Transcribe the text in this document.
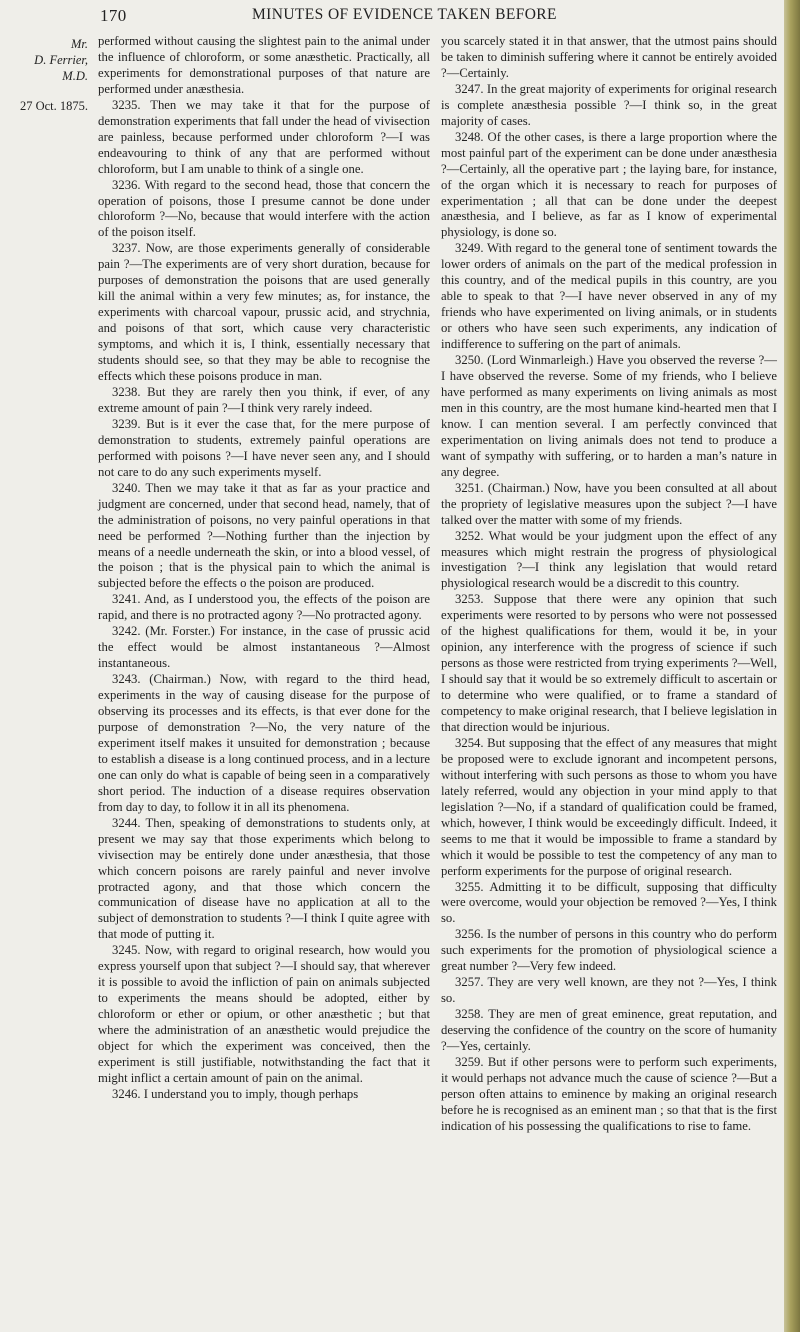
170	MINUTES OF EVIDENCE TAKEN BEFORE
Mr.
D. Ferrier,
M.D.
27 Oct. 1875.

performed without causing the slightest pain to the animal under the influence of chloroform, or some anæsthetic. Practically, all experiments for demonstrational purposes of that nature are performed under anæsthesia.

3235. Then we may take it that for the purpose of demonstration experiments that fall under the head of vivisection are painless, because performed under chloroform ?—I was endeavouring to think of any that are performed without chloroform, but I am unable to think of a single one.

3236. With regard to the second head, those that concern the operation of poisons, those I presume cannot be done under chloroform ?—No, because that would interfere with the action of the poison itself.

3237. Now, are those experiments generally of considerable pain ?—The experiments are of very short duration, because for purposes of demonstration the poisons that are used generally kill the animal within a very few minutes; as, for instance, the experiments with charcoal vapour, prussic acid, and strychnia, and poisons of that sort, which cause very characteristic symptoms, and which it is, I think, essentially necessary that students should see, so that they may be able to recognise the effects which these poisons produce in man.

3238. But they are rarely then you think, if ever, of any extreme amount of pain ?—I think very rarely indeed.

3239. But is it ever the case that, for the mere purpose of demonstration to students, extremely painful operations are performed with poisons ?—I have never seen any, and I should not care to do any such experiments myself.

3240. Then we may take it that as far as your practice and judgment are concerned, under that second head, namely, that of the administration of poisons, no very painful operations in that need be performed ?—Nothing further than the injection by means of a needle underneath the skin, or into a blood vessel, of the poison ; that is the physical pain to which the animal is subjected before the effects o the poison are produced.

3241. And, as I understood you, the effects of the poison are rapid, and there is no protracted agony ?—No protracted agony.

3242. (Mr. Forster.) For instance, in the case of prussic acid the effect would be almost instantaneous ?—Almost instantaneous.

3243. (Chairman.) Now, with regard to the third head, experiments in the way of causing disease for the purpose of observing its processes and its effects, is that ever done for the purpose of demonstration ?—No, the very nature of the experiment itself makes it unsuited for demonstration ; because to establish a disease is a long continued process, and in a lecture one can only do what is capable of being seen in a comparatively short period. The induction of a disease requires observation from day to day, to follow it in all its phenomena.

3244. Then, speaking of demonstrations to students only, at present we may say that those experiments which belong to vivisection may be entirely done under anæsthesia, that those which concern poisons are rarely painful and never involve protracted agony, and that those which concern the communication of disease have no application at all to the subject of demonstration to students ?—I think I quite agree with that mode of putting it.

3245. Now, with regard to original research, how would you express yourself upon that subject ?—I should say, that wherever it is possible to avoid the infliction of pain on animals subjected to experiments the means should be adopted, either by chloroform or ether or opium, or other anæsthetic ; but that where the administration of an anæsthetic would prejudice the object for which the experiment was conceived, then the experiment is still justifiable, notwithstanding the fact that it might inflict a certain amount of pain on the animal.

3246. I understand you to imply, though perhaps

you scarcely stated it in that answer, that the utmost pains should be taken to diminish suffering where it cannot be entirely avoided ?—Certainly.

3247. In the great majority of experiments for original research is complete anæsthesia possible ?—I think so, in the great majority of cases.

3248. Of the other cases, is there a large proportion where the most painful part of the experiment can be done under anæsthesia ?—Certainly, all the operative part ; the laying bare, for instance, of the organ which it is necessary to reach for purposes of experimentation ; all that can be done under the deepest anæsthesia, and I believe, as far as I know of experimental physiology, is done so.

3249. With regard to the general tone of sentiment towards the lower orders of animals on the part of the medical profession in this country, and of the medical pupils in this country, are you able to speak to that ?—I have never observed in any of my friends who have experimented on living animals, or in students or others who have seen such experiments, any indication of indifference to suffering on the part of animals.

3250. (Lord Winmarleigh.) Have you observed the reverse ?—I have observed the reverse. Some of my friends, who I believe have performed as many experiments on living animals as most men in this country, are the most humane kind-hearted men that I know. I can mention several. I am perfectly convinced that experimentation on living animals does not tend to produce a want of sympathy with suffering, or to harden a man’s nature in any degree.

3251. (Chairman.) Now, have you been consulted at all about the propriety of legislative measures upon the subject ?—I have talked over the matter with some of my friends.

3252. What would be your judgment upon the effect of any measures which might restrain the progress of physiological investigation ?—I think any legislation that would retard physiological research would be a discredit to this country.

3253. Suppose that there were any opinion that such experiments were resorted to by persons who were not possessed of the highest qualifications for them, would it be, in your opinion, any interference with the progress of science if such persons as those were restricted from trying experiments ?—Well, I should say that it would be so extremely difficult to ascertain or to determine who were qualified, or to frame a standard of competency to make original research, that I believe legislation in that direction would be injurious.

3254. But supposing that the effect of any measures that might be proposed were to exclude ignorant and incompetent persons, without interfering with such persons as those to whom you have lately referred, would any objection in your mind apply to that legislation ?—No, if a standard of qualification could be framed, which, however, I think would be exceedingly difficult. Indeed, it seems to me that it would be impossible to frame a standard by which it would be possible to test the competency of any man to perform experiments for the purpose of original research.

3255. Admitting it to be difficult, supposing that difficulty were overcome, would your objection be removed ?—Yes, I think so.

3256. Is the number of persons in this country who do perform such experiments for the promotion of physiological science a great number ?—Very few indeed.

3257. They are very well known, are they not ?—Yes, I think so.

3258. They are men of great eminence, great reputation, and deserving the confidence of the country on the score of humanity ?—Yes, certainly.

3259. But if other persons were to perform such experiments, it would perhaps not advance much the cause of science ?—But a person often attains to eminence by making an original research before he is recognised as an eminent man ; so that that is the first indication of his possessing the qualifications to rise to fame.
